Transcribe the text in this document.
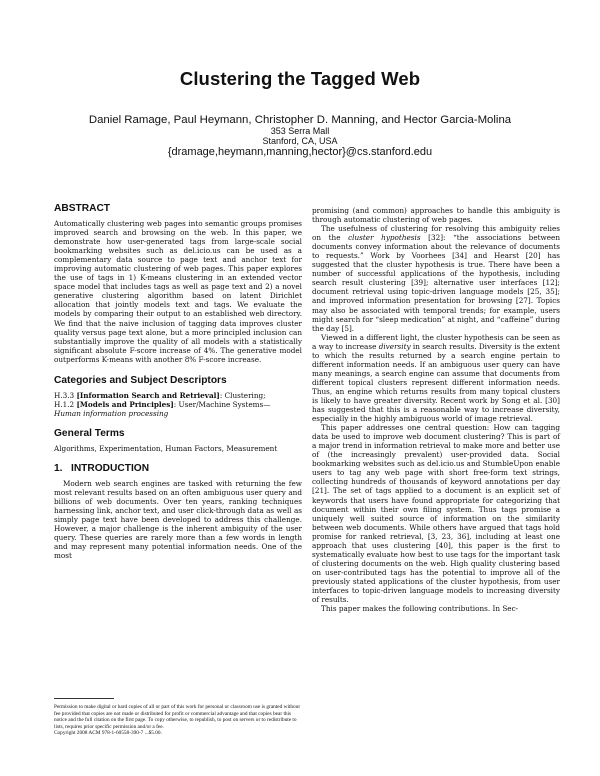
Clustering the Tagged Web
Daniel Ramage, Paul Heymann, Christopher D. Manning, and Hector Garcia-Molina
353 Serra Mall
Stanford, CA, USA
{dramage,heymann,manning,hector}@cs.stanford.edu
ABSTRACT

Automatically clustering web pages into semantic groups promises improved search and browsing on the web. In this paper, we demonstrate how user-generated tags from large-scale social bookmarking websites such as del.icio.us can be used as a complementary data source to page text and anchor text for improving automatic clustering of web pages. This paper explores the use of tags in 1) K-means clustering in an extended vector space model that includes tags as well as page text and 2) a novel generative clustering algorithm based on latent Dirichlet allocation that jointly models text and tags. We evaluate the models by comparing their output to an established web directory. We find that the naive inclusion of tagging data improves cluster quality versus page text alone, but a more principled inclusion can substantially improve the quality of all models with a statistically significant absolute F-score increase of 4%. The generative model outperforms K-means with another 8% F-score increase.

Categories and Subject Descriptors

H.3.3 [Information Search and Retrieval]: Clustering;
H.1.2 [Models and Principles]: User/Machine Systems—
Human information processing

General Terms

Algorithms, Experimentation, Human Factors, Measurement

1.   INTRODUCTION

Modern web search engines are tasked with returning the few most relevant results based on an often ambiguous user query and billions of web documents. Over ten years, ranking techniques harnessing link, anchor text, and user click-through data as well as simply page text have been developed to address this challenge. However, a major challenge is the inherent ambiguity of the user query. These queries are rarely more than a few words in length and may represent many potential information needs. One of the most

Permission to make digital or hard copies of all or part of this work for personal or classroom use is granted without fee provided that copies are not made or distributed for profit or commercial advantage and that copies bear this notice and the full citation on the first page. To copy otherwise, to republish, to post on servers or to redistribute to lists, requires prior specific permission and/or a fee.
Copyright 2008 ACM 978-1-60558-390-7 ...$5.00.

promising (and common) approaches to handle this ambiguity is through automatic clustering of web pages.

The usefulness of clustering for resolving this ambiguity relies on the cluster hypothesis [32]: “the associations between documents convey information about the relevance of documents to requests.” Work by Voorhees [34] and Hearst [20] has suggested that the cluster hypothesis is true. There have been a number of successful applications of the hypothesis, including search result clustering [39]; alternative user interfaces [12]; document retrieval using topic-driven language models [25, 35]; and improved information presentation for browsing [27]. Topics may also be associated with temporal trends; for example, users might search for “sleep medication” at night, and “caffeine” during the day [5].

Viewed in a different light, the cluster hypothesis can be seen as a way to increase diversity in search results. Diversity is the extent to which the results returned by a search engine pertain to different information needs. If an ambiguous user query can have many meanings, a search engine can assume that documents from different topical clusters represent different information needs. Thus, an engine which returns results from many topical clusters is likely to have greater diversity. Recent work by Song et al. [30] has suggested that this is a reasonable way to increase diversity, especially in the highly ambiguous world of image retrieval.

This paper addresses one central question: How can tagging data be used to improve web document clustering? This is part of a major trend in information retrieval to make more and better use of (the increasingly prevalent) user-provided data. Social bookmarking websites such as del.icio.us and StumbleUpon enable users to tag any web page with short free-form text strings, collecting hundreds of thousands of keyword annotations per day [21]. The set of tags applied to a document is an explicit set of keywords that users have found appropriate for categorizing that document within their own filing system. Thus tags promise a uniquely well suited source of information on the similarity between web documents. While others have argued that tags hold promise for ranked retrieval, [3, 23, 36], including at least one approach that uses clustering [40], this paper is the first to systematically evaluate how best to use tags for the important task of clustering documents on the web. High quality clustering based on user-contributed tags has the potential to improve all of the previously stated applications of the cluster hypothesis, from user interfaces to topic-driven language models to increasing diversity of results.

This paper makes the following contributions. In Sec-
